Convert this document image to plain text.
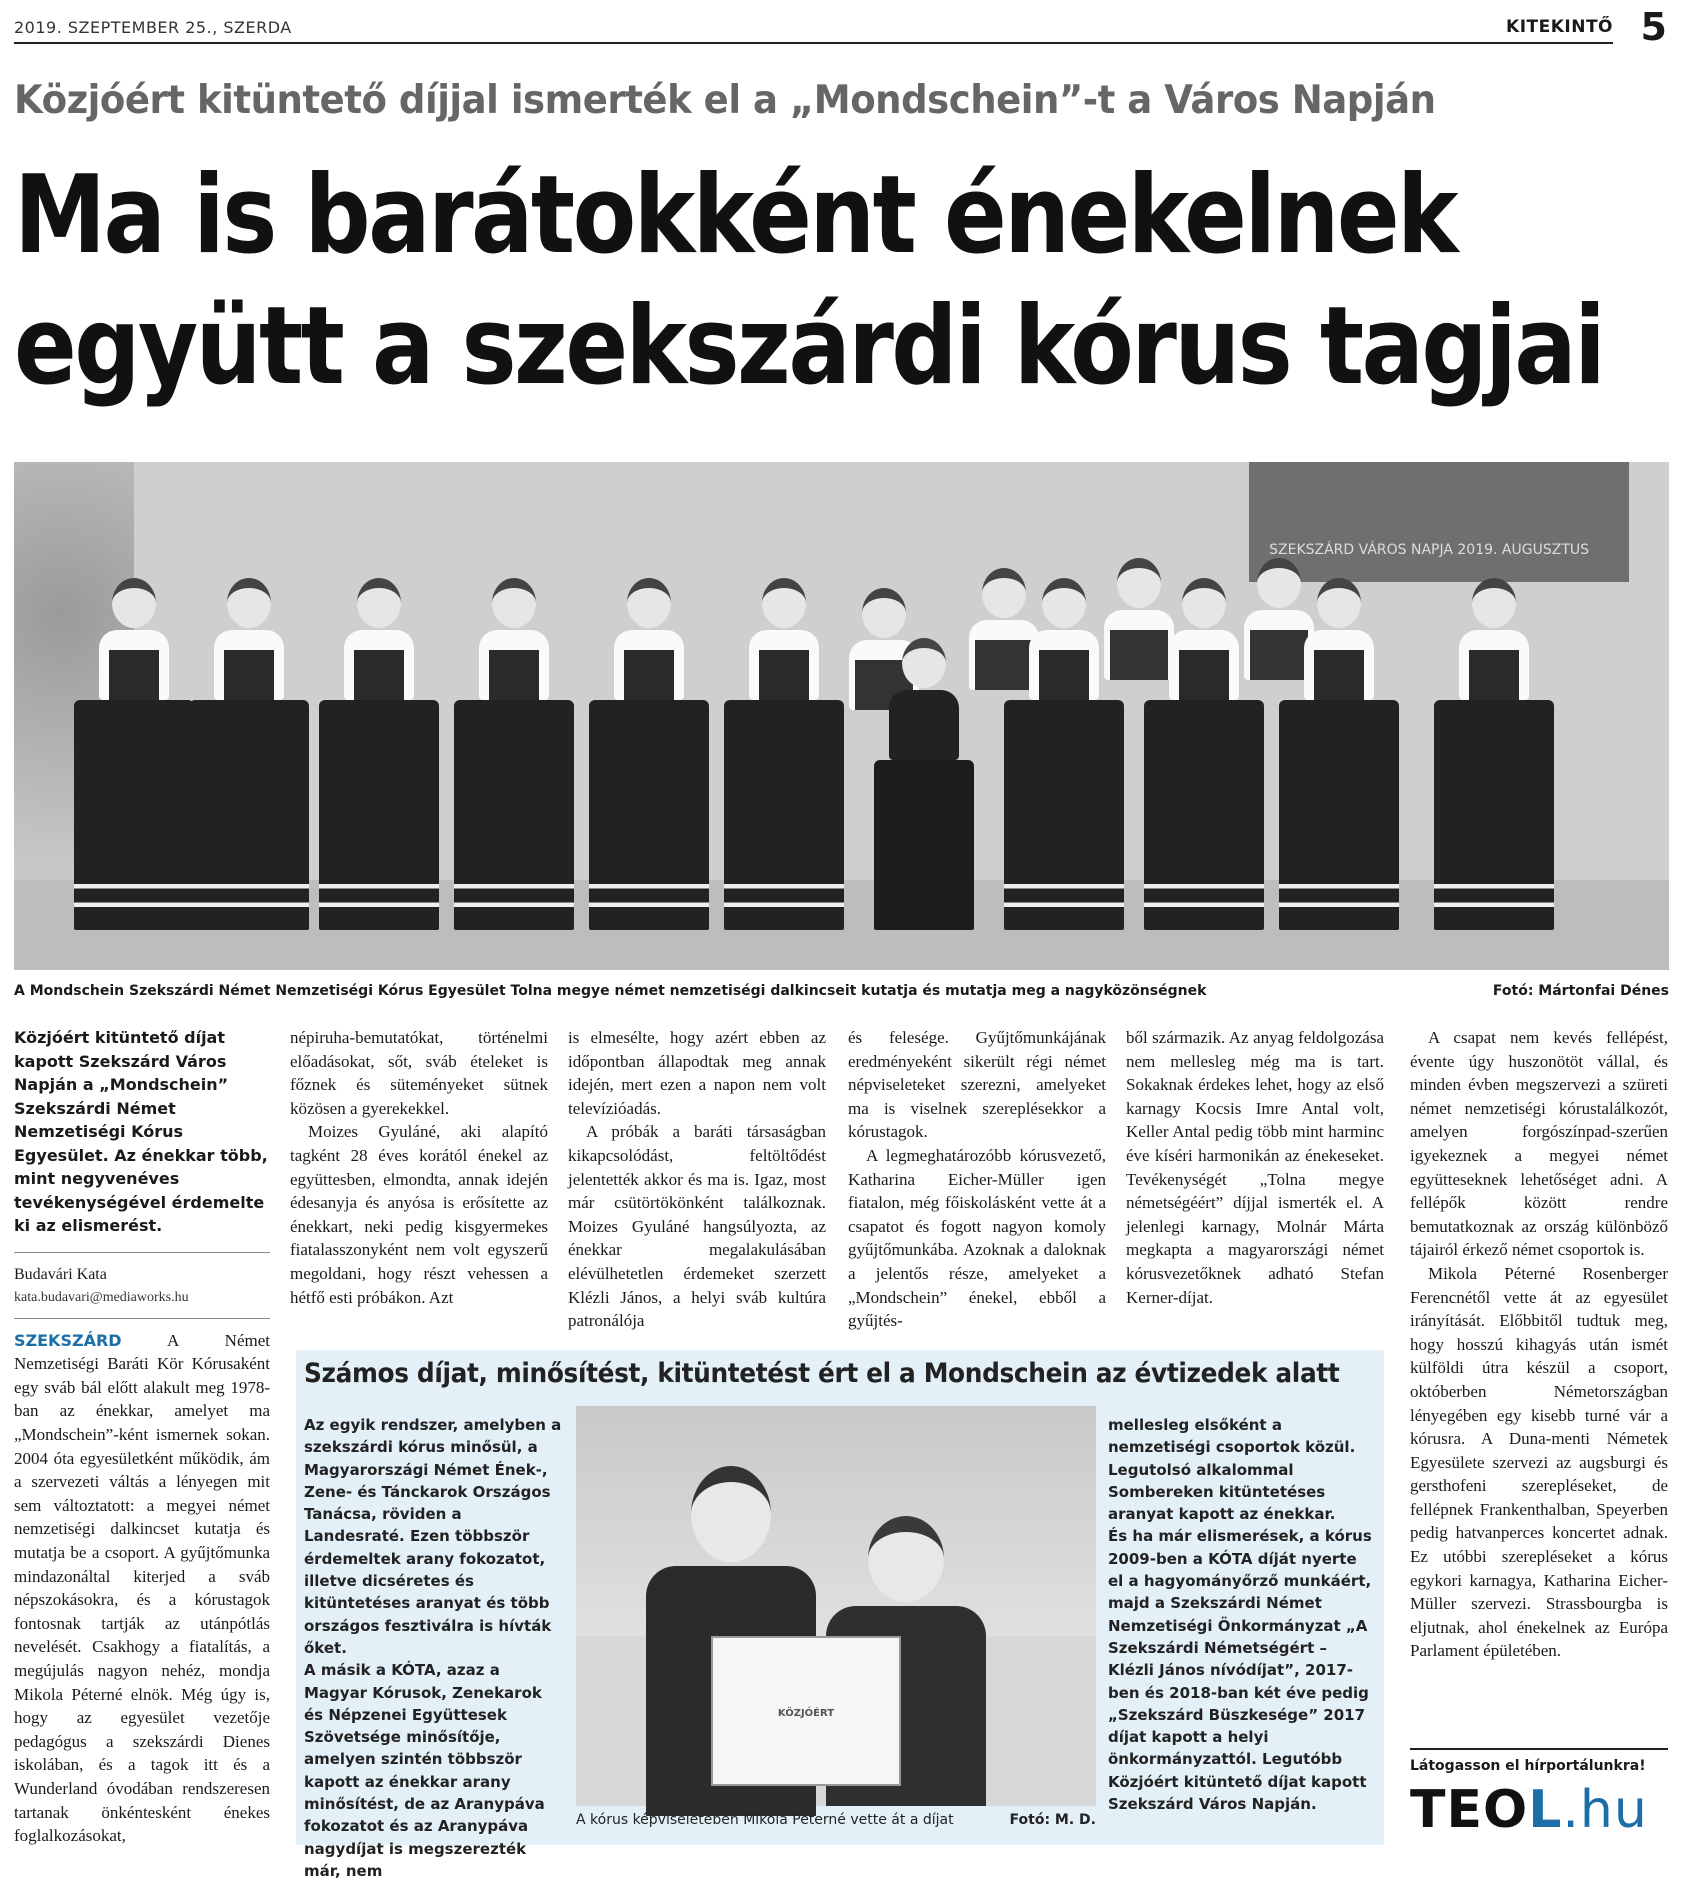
2019. SZEPTEMBER 25., SZERDA	KITEKINTŐ 5
Közjóért kitüntető díjjal ismerték el a „Mondschein”-t a Város Napján
Ma is barátokként énekelnek
együtt a szekszárdi kórus tagjai
SZEKSZÁRD VÁROS NAPJA 2019. AUGUSZTUS
A Mondschein Szekszárdi Német Nemzetiségi Kórus Egyesület Tolna megye német nemzetiségi dalkincseit kutatja és mutatja meg a nagyközönségnek	Fotó: Mártonfai Dénes

Közjóért kitüntető díjat kapott Szekszárd Város Napján a „Mondschein” Szekszárdi Német Nemzetiségi Kórus Egyesület. Az énekkar több, mint negyvenéves tevékenységével érdemelte ki az elismerést.

Budavári Kata
kata.budavari@mediaworks.hu

SZEKSZÁRD	A Német Nemzetiségi Baráti Kör Kórusaként egy sváb bál előtt alakult meg 1978-ban az énekkar, amelyet ma „Mondschein”-ként ismernek sokan. 2004 óta egyesületként működik, ám a szervezeti váltás a lényegen mit sem változtatott: a megyei német nemzetiségi dalkincset kutatja és mutatja be a csoport. A gyűjtőmunka mindazonáltal kiterjed a sváb népszokásokra, és a kórustagok fontosnak tartják az utánpótlás nevelését. Csakhogy a fiatalítás, a megújulás nagyon nehéz, mondja Mikola Péterné elnök. Még úgy is, hogy az egyesület vezetője pedagógus a szekszárdi Dienes iskolában, és a tagok itt és a Wunderland óvodában rendszeresen tartanak önkéntesként énekes foglalkozásokat,

népiruha-bemutatókat, történelmi előadásokat, sőt, sváb ételeket is főznek és süteményeket sütnek közösen a gyerekekkel.

Moizes Gyuláné, aki alapító tagként 28 éves korától énekel az együttesben, elmondta, annak idején édesanyja és anyósa is erősítette az énekkart, neki pedig kisgyermekes fiatalasszonyként nem volt egyszerű megoldani, hogy részt vehessen a hétfő esti próbákon. Azt

is elmesélte, hogy azért ebben az időpontban állapodtak meg annak idején, mert ezen a napon nem volt televízióadás.

A próbák a baráti társaságban kikapcsolódást, feltöltődést jelentették akkor és ma is. Igaz, most már csütörtökönként találkoznak. Moizes Gyuláné hangsúlyozta, az énekkar megalakulásában elévülhetetlen érdemeket szerzett Klézli János, a helyi sváb kultúra patronálója

és felesége. Gyűjtőmunkájának eredményeként sikerült régi német népviseleteket szerezni, amelyeket ma is viselnek szereplésekkor a kórustagok.

A legmeghatározóbb kórusvezető, Katharina Eicher-Müller igen fiatalon, még főiskolásként vette át a csapatot és fogott nagyon komoly gyűjtőmunkába. Azoknak a daloknak a jelentős része, amelyeket a „Mondschein” énekel, ebből a gyűjtés-

ből származik. Az anyag feldolgozása nem mellesleg még ma is tart. Sokaknak érdekes lehet, hogy az első karnagy Kocsis Imre Antal volt, Keller Antal pedig több mint harminc éve kíséri harmonikán az énekeseket. Tevékenységét „Tolna megye németségéért” díjjal ismerték el. A jelenlegi karnagy, Molnár Márta megkapta a magyarországi német kórusvezetőknek adható Stefan Kerner-díjat.

A csapat nem kevés fellépést, évente úgy huszonötöt vállal, és minden évben megszervezi a szüreti német nemzetiségi kórustalálkozót, amelyen forgószínpad-szerűen igyekeznek a megyei német együtteseknek lehetőséget adni. A fellépők között rendre bemutatkoznak az ország különböző tájairól érkező német csoportok is.

Mikola Péterné Rosenberger Ferencnétől vette át az egyesület irányítását. Előbbitől tudtuk meg, hogy hosszú kihagyás után ismét külföldi útra készül a csoport, októberben Németországban lényegében egy kisebb turné vár a kórusra. A Duna-menti Németek Egyesülete szervezi az augsburgi és gersthofeni szerepléseket, de fellépnek Frankenthalban, Speyerben pedig hatvanperces koncertet adnak. Ez utóbbi szerepléseket a kórus egykori karnagya, Katharina Eicher-Müller szervezi. Strassbourgba is eljutnak, ahol énekelnek az Európa Parlament épületében.

Számos díjat, minősítést, kitüntetést ért el a Mondschein az évtizedek alatt

Az egyik rendszer, amelyben a szekszárdi kórus minősül, a Magyarországi Német Ének-, Zene- és Tánckarok Országos Tanácsa, röviden a Landesraté. Ezen többször érdemeltek arany fokozatot, illetve dicséretes és kitüntetéses aranyat és több országos fesztiválra is hívták őket.

A másik a KÓTA, azaz a Magyar Kórusok, Zenekarok és Népzenei Együttesek Szövetsége minősítője, amelyen szintén többször kapott az énekkar arany minősítést, de az Aranypáva fokozatot és az Aranypáva nagydíjat is megszerezték már, nem

KÖZJÓÉRT
A kórus képviseletében Mikola Péterné vette át a díjat	Fotó: M. D.

mellesleg elsőként a nemzetiségi csoportok közül. Legutolsó alkalommal Sombereken kitüntetéses aranyat kapott az énekkar.

És ha már elismerések, a kórus 2009-ben a KÓTA díját nyerte el a hagyományőrző munkáért, majd a Szekszárdi Német Nemzetiségi Önkormányzat „A Szekszárdi Németségért – Klézli János nívódíjat”, 2017-ben és 2018-ban két éve pedig „Szekszárd Büszkesége” 2017 díjat kapott a helyi önkormányzattól. Legutóbb Közjóért kitüntető díjat kapott Szekszárd Város Napján.

Látogasson el hírportálunkra!
TEOL.hu
